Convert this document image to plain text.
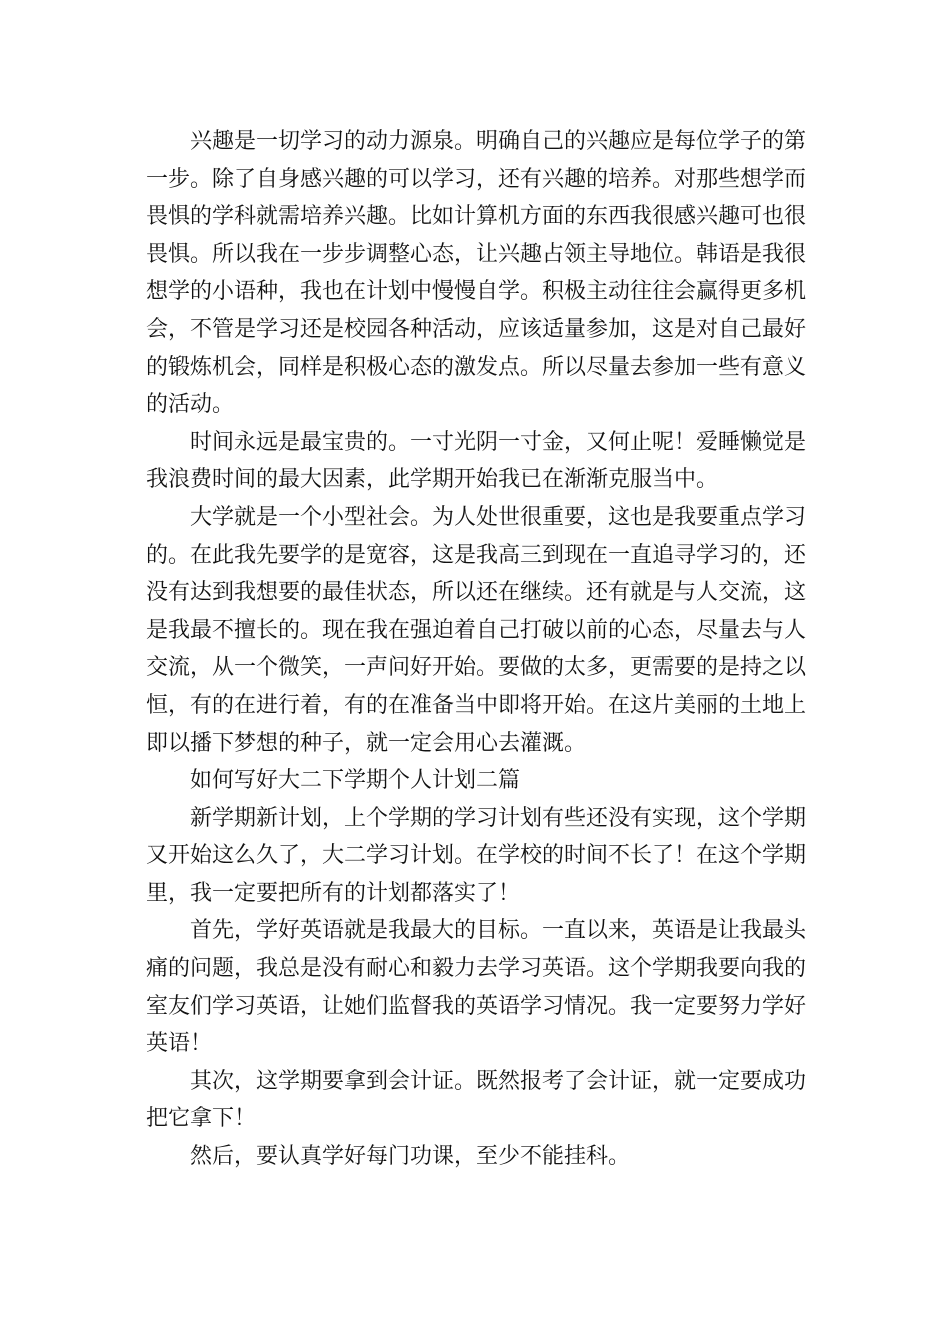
兴趣是一切学习的动力源泉。明确自己的兴趣应是每位学子的第一步。除了自身感兴趣的可以学习，还有兴趣的培养。对那些想学而畏惧的学科就需培养兴趣。比如计算机方面的东西我很感兴趣可也很畏惧。所以我在一步步调整心态，让兴趣占领主导地位。韩语是我很想学的小语种，我也在计划中慢慢自学。积极主动往往会赢得更多机会，不管是学习还是校园各种活动，应该适量参加，这是对自己最好的锻炼机会，同样是积极心态的激发点。所以尽量去参加一些有意义的活动。

时间永远是最宝贵的。一寸光阴一寸金，又何止呢！爱睡懒觉是我浪费时间的最大因素，此学期开始我已在渐渐克服当中。

大学就是一个小型社会。为人处世很重要，这也是我要重点学习的。在此我先要学的是宽容，这是我高三到现在一直追寻学习的，还没有达到我想要的最佳状态，所以还在继续。还有就是与人交流，这是我最不擅长的。现在我在强迫着自己打破以前的心态，尽量去与人交流，从一个微笑，一声问好开始。要做的太多，更需要的是持之以恒，有的在进行着，有的在准备当中即将开始。在这片美丽的土地上即以播下梦想的种子，就一定会用心去灌溉。

如何写好大二下学期个人计划二篇

新学期新计划，上个学期的学习计划有些还没有实现，这个学期又开始这么久了，大二学习计划。在学校的时间不长了！在这个学期里，我一定要把所有的计划都落实了！

首先，学好英语就是我最大的目标。一直以来，英语是让我最头痛的问题，我总是没有耐心和毅力去学习英语。这个学期我要向我的室友们学习英语，让她们监督我的英语学习情况。我一定要努力学好英语！

其次，这学期要拿到会计证。既然报考了会计证，就一定要成功把它拿下！

然后，要认真学好每门功课，至少不能挂科。
